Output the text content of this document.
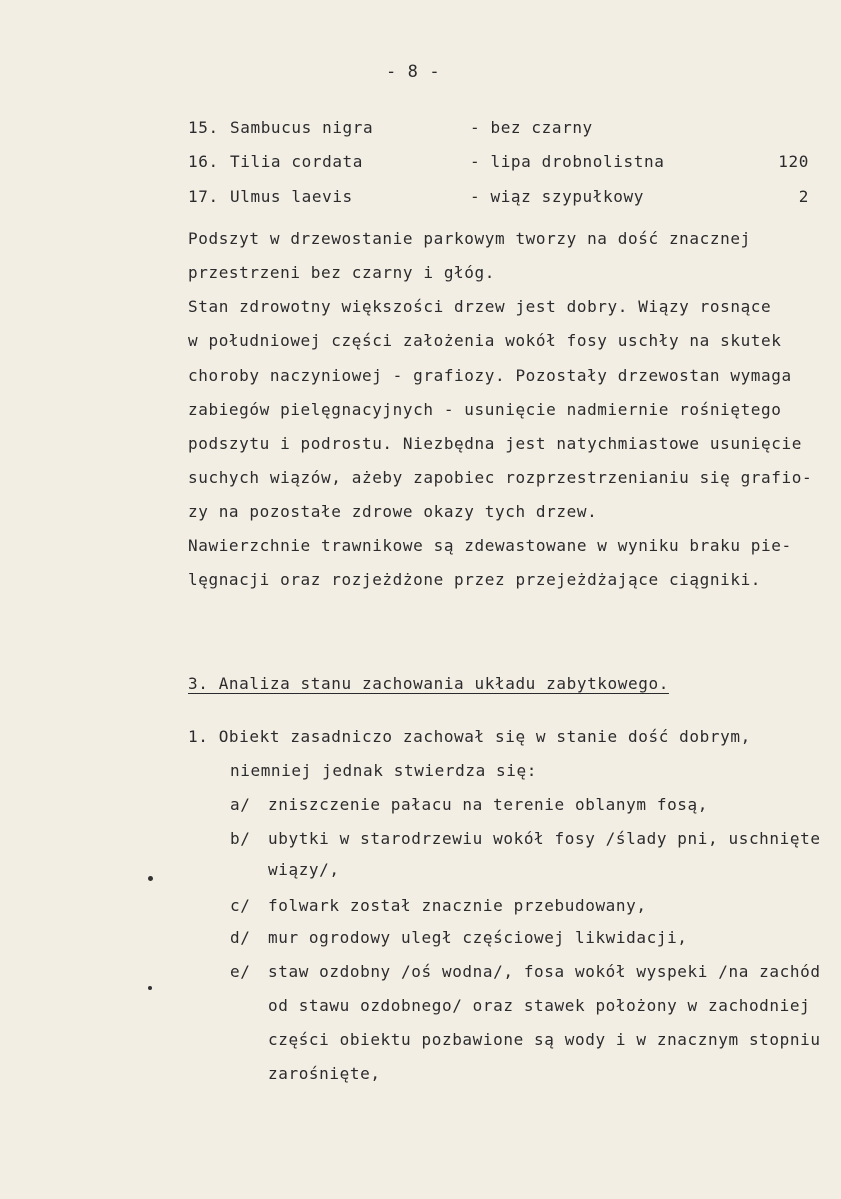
- 8 -
15. Sambucus nigra	- bez czarny
16. Tilia cordata	- lipa drobnolistna	120
17. Ulmus laevis	- wiąz szypułkowy	2
Podszyt w drzewostanie parkowym tworzy na dość znacznej
przestrzeni bez czarny i głóg.
Stan zdrowotny większości drzew jest dobry. Wiązy rosnące
w południowej części założenia wokół fosy uschły na skutek
choroby naczyniowej - grafiozy. Pozostały drzewostan wymaga
zabiegów pielęgnacyjnych - usunięcie nadmiernie rośniętego
podszytu i podrostu. Niezbędna jest natychmiastowe usunięcie
suchych wiązów, ażeby zapobiec rozprzestrzenianiu się grafio-
zy na pozostałe zdrowe okazy tych drzew.
Nawierzchnie trawnikowe są zdewastowane w wyniku braku pie-
lęgnacji oraz rozjeżdżone przez przejeżdżające ciągniki.
3. Analiza stanu zachowania układu zabytkowego.
1. Obiekt zasadniczo zachował się w stanie dość dobrym,
niemniej jednak stwierdza się:
a/ zniszczenie pałacu na terenie oblanym fosą,
b/ ubytki w starodrzewiu wokół fosy /ślady pni, uschnięte
wiązy/,
c/ folwark został znacznie przebudowany,
d/ mur ogrodowy uległ częściowej likwidacji,
e/ staw ozdobny /oś wodna/, fosa wokół wyspeki /na zachód
od stawu ozdobnego/ oraz stawek położony w zachodniej
części obiektu pozbawione są wody i w znacznym stopniu
zarośnięte,
